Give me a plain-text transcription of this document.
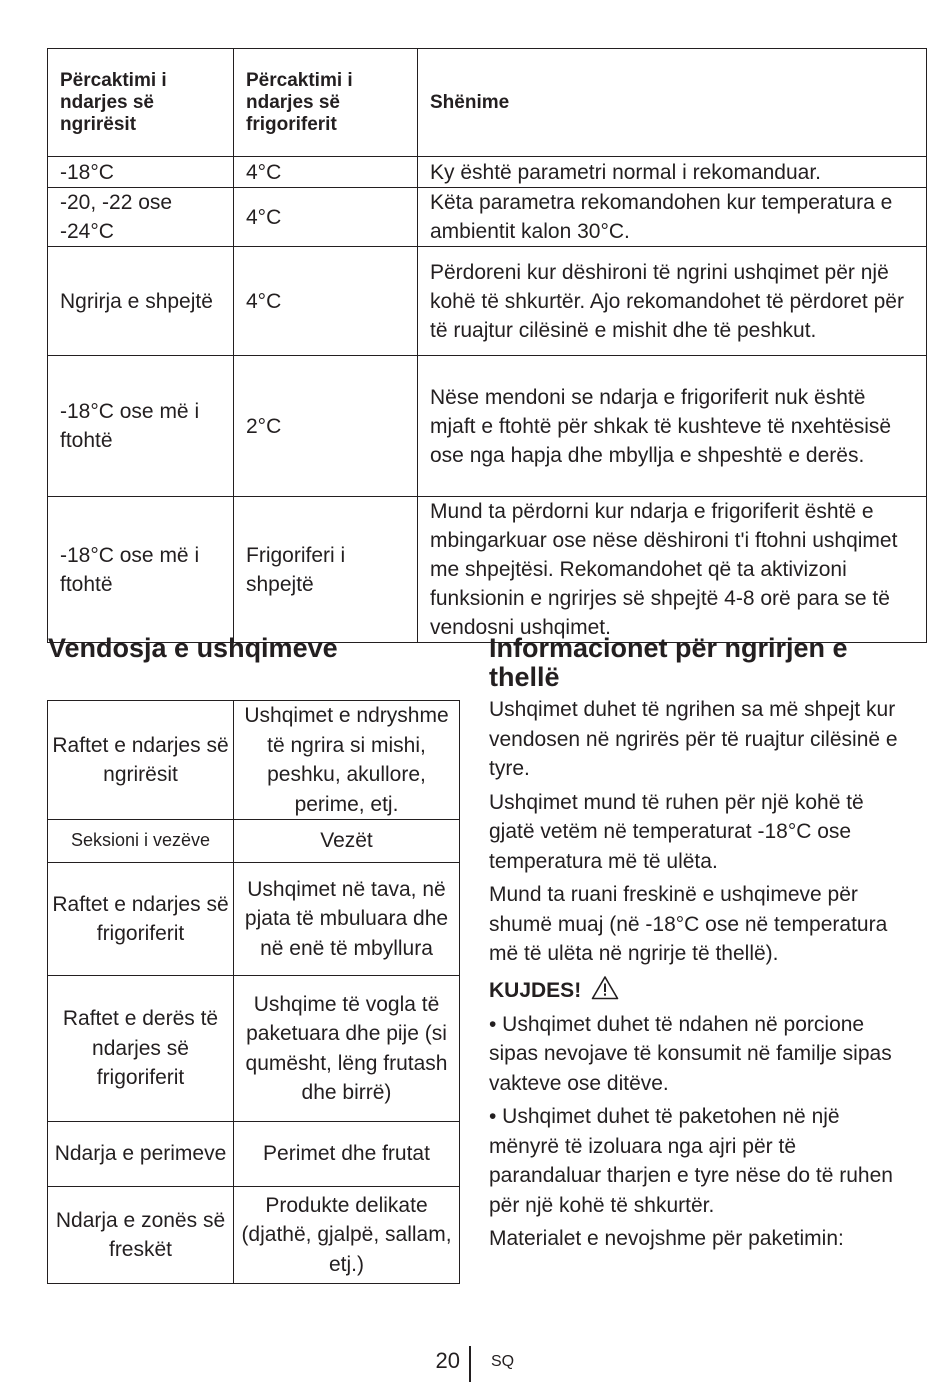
Përcaktimi i ndarjes së ngrirësit	Përcaktimi i ndarjes së frigoriferit	Shënime
-18°C	4°C	Ky është parametri normal i rekomanduar.
-20, -22 ose -24°C	4°C	Këta parametra rekomandohen kur temperatura e ambientit kalon 30°C.
Ngrirja e shpejtë	4°C	Përdoreni kur dëshironi të ngrini ushqimet për një kohë të shkurtër. Ajo rekomandohet të përdoret për të ruajtur cilësinë e mishit dhe të peshkut.
-18°C ose më i ftohtë	2°C	Nëse mendoni se ndarja e frigoriferit nuk është mjaft e ftohtë për shkak të kushteve të nxehtësisë ose nga hapja dhe mbyllja e shpeshtë e derës.
-18°C ose më i ftohtë	Frigoriferi i shpejtë	Mund ta përdorni kur ndarja e frigoriferit është e mbingarkuar ose nëse dëshironi t'i ftohni ushqimet me shpejtësi. Rekomandohet që ta aktivizoni funksionin e ngrirjes së shpejtë 4-8 orë para se të vendosni ushqimet.
Vendosja e ushqimeve
Raftet e ndarjes së ngrirësit	Ushqimet e ndryshme të ngrira si mishi, peshku, akullore, perime, etj.
Seksioni i vezëve	Vezët
Raftet e ndarjes së frigoriferit	Ushqimet në tava, në pjata të mbuluara dhe në enë të mbyllura
Raftet e derës të ndarjes së frigoriferit	Ushqime të vogla të paketuara dhe pije (si qumësht, lëng frutash dhe birrë)
Ndarja e perimeve	Perimet dhe frutat
Ndarja e zonës së freskët	Produkte delikate (djathë, gjalpë, sallam, etj.)
Informacionet për ngrirjen e thellë

Ushqimet duhet të ngrihen sa më shpejt kur vendosen në ngrirës për të ruajtur cilësinë e tyre.

Ushqimet mund të ruhen për një kohë të gjatë vetëm në temperaturat -18°C ose temperatura më të ulëta.

Mund ta ruani freskinë e ushqimeve për shumë muaj (në -18°C ose në temperatura më të ulëta në ngrirje të thellë).

KUJDES!

• Ushqimet duhet të ndahen në porcione sipas nevojave të konsumit në familje sipas vakteve ose ditëve.

• Ushqimet duhet të paketohen në një mënyrë të izoluara nga ajri për të parandaluar tharjen e tyre nëse do të ruhen për një kohë të shkurtër.

Materialet e nevojshme për paketimin:

20 SQ
